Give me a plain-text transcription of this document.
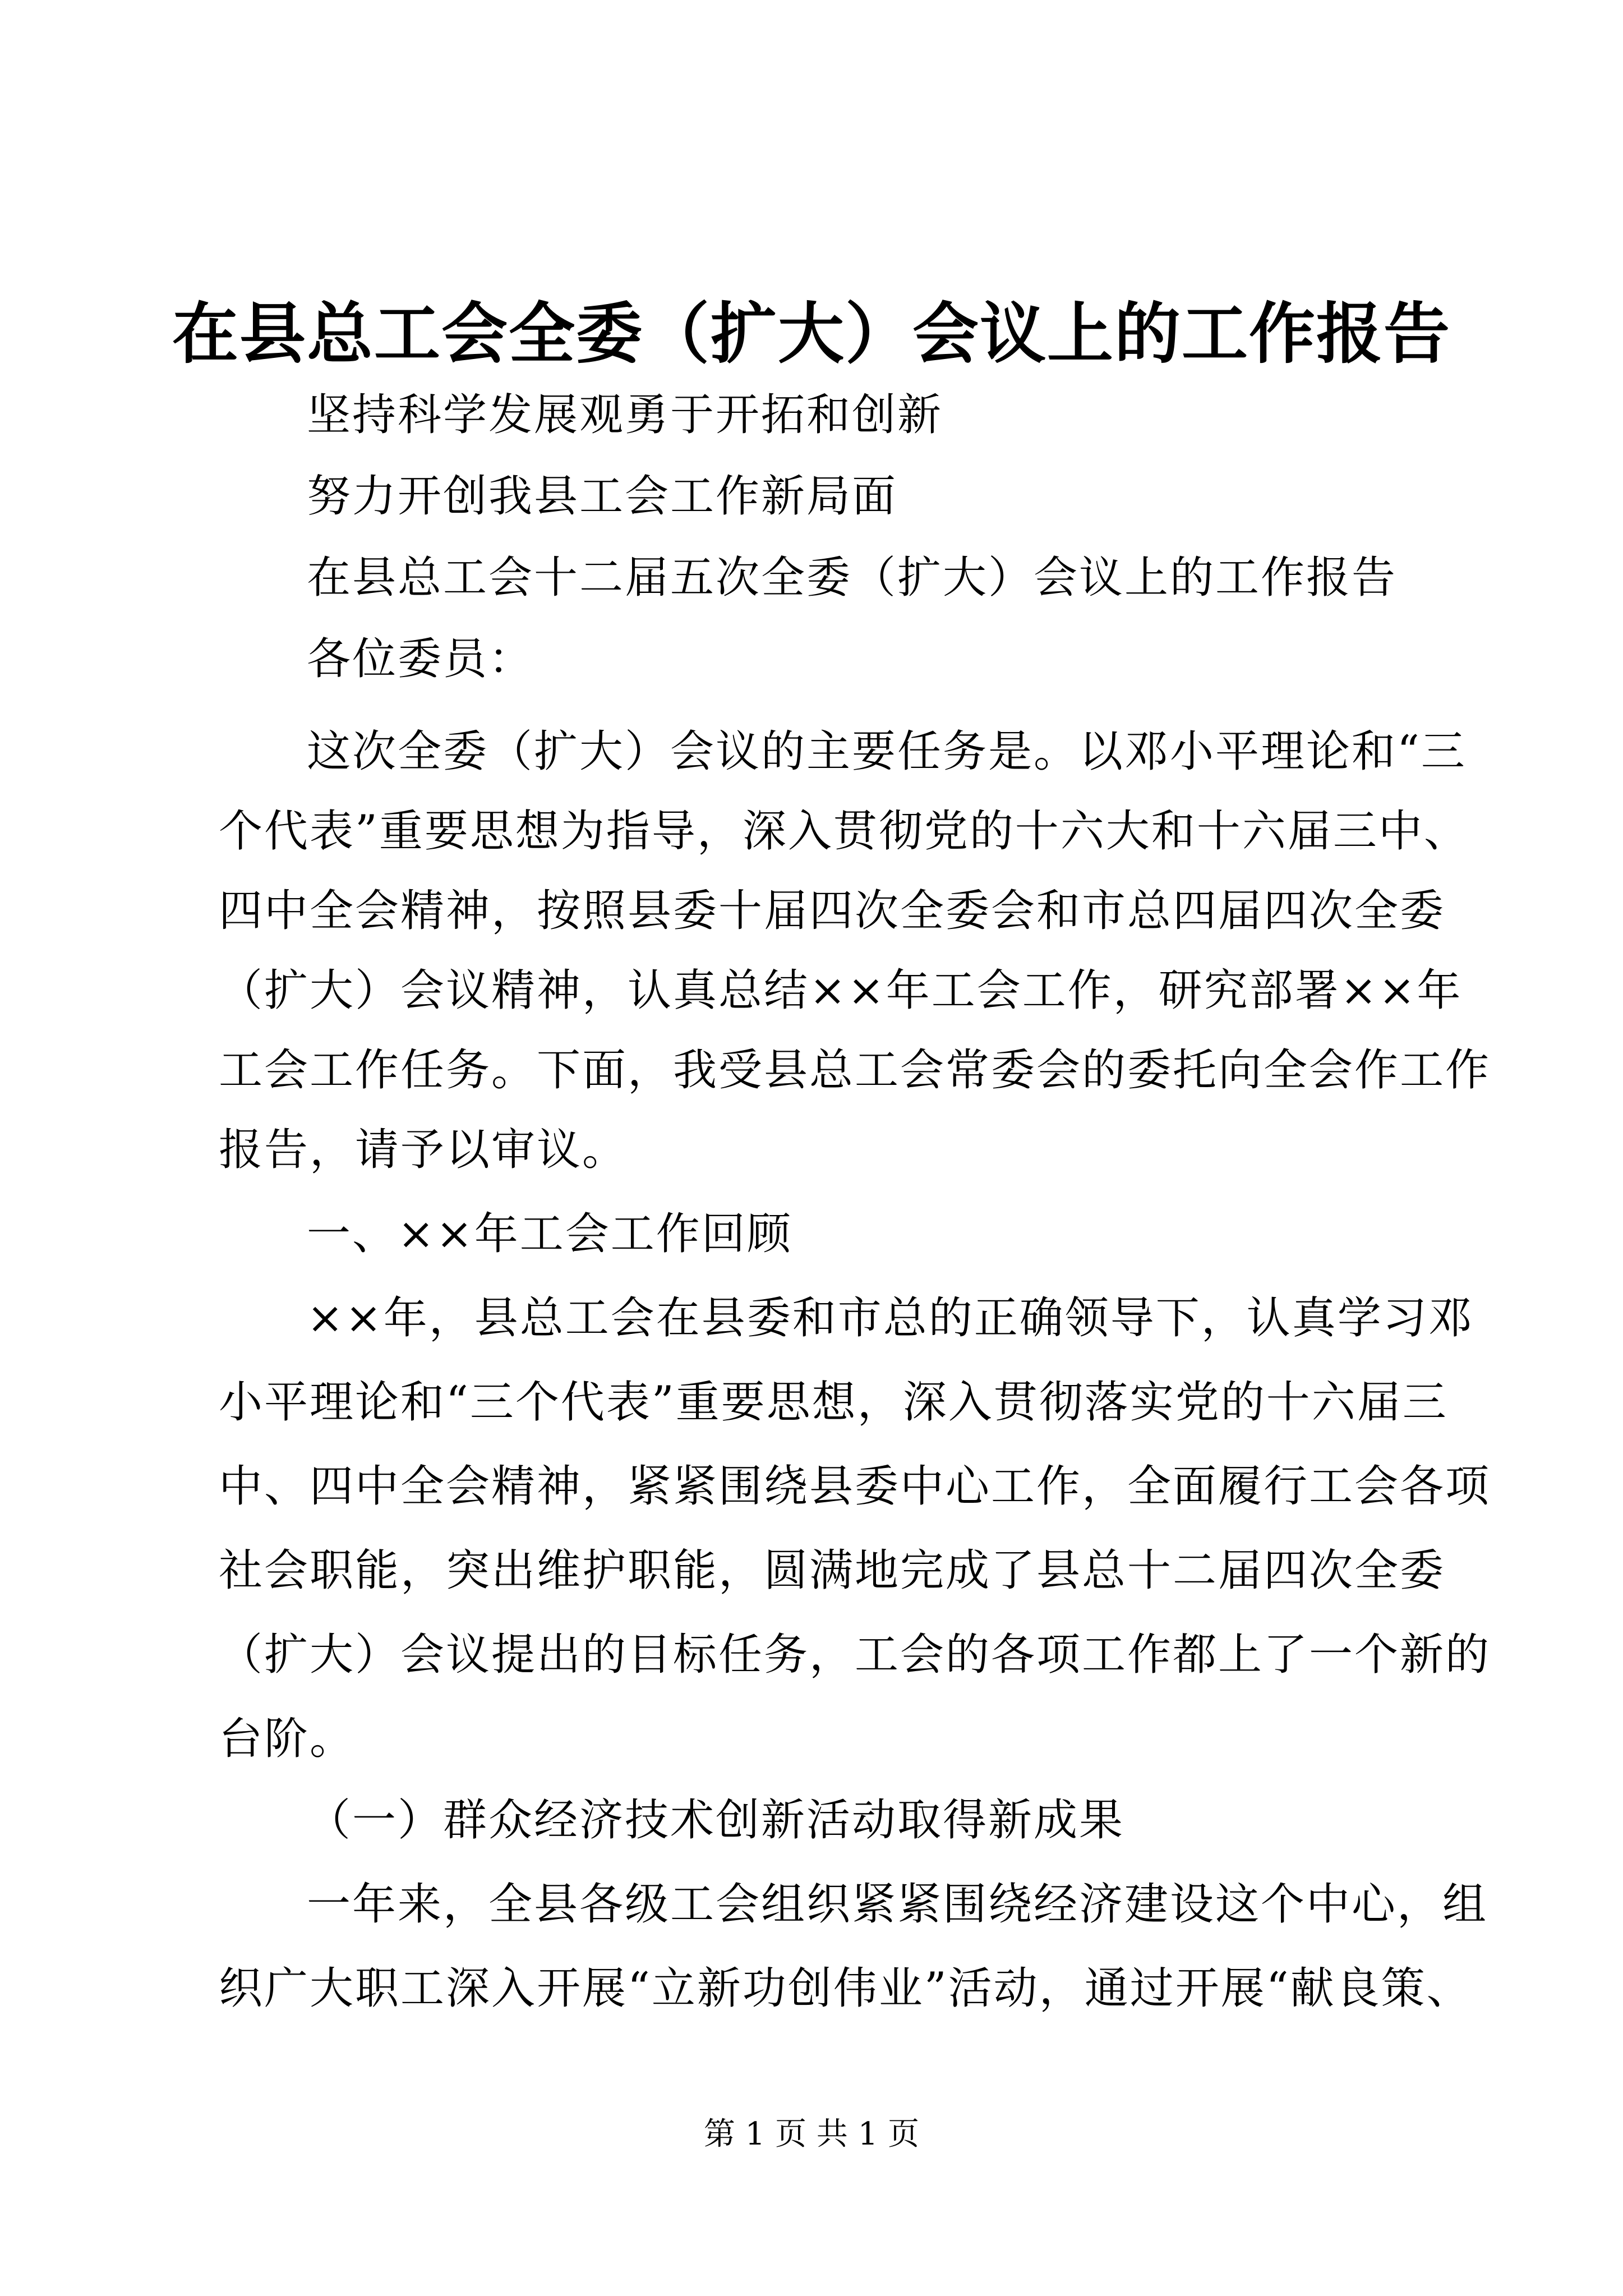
在县总工会全委（扩大）会议上的工作报告
坚持科学发展观勇于开拓和创新
努力开创我县工会工作新局面
在县总工会十二届五次全委（扩大）会议上的工作报告
各位委员：
这次全委（扩大）会议的主要任务是。以邓小平理论和“三
个代表”重要思想为指导，深入贯彻党的十六大和十六届三中、
四中全会精神，按照县委十届四次全委会和市总四届四次全委
（扩大）会议精神，认真总结××年工会工作，研究部署××年
工会工作任务。下面，我受县总工会常委会的委托向全会作工作
报告，请予以审议。
一、××年工会工作回顾
××年，县总工会在县委和市总的正确领导下，认真学习邓
小平理论和“三个代表”重要思想，深入贯彻落实党的十六届三
中、四中全会精神，紧紧围绕县委中心工作，全面履行工会各项
社会职能，突出维护职能，圆满地完成了县总十二届四次全委
（扩大）会议提出的目标任务，工会的各项工作都上了一个新的
台阶。
（一）群众经济技术创新活动取得新成果
一年来，全县各级工会组织紧紧围绕经济建设这个中心，组
织广大职工深入开展“立新功创伟业”活动，通过开展“献良策、
第 1 页 共 1 页
